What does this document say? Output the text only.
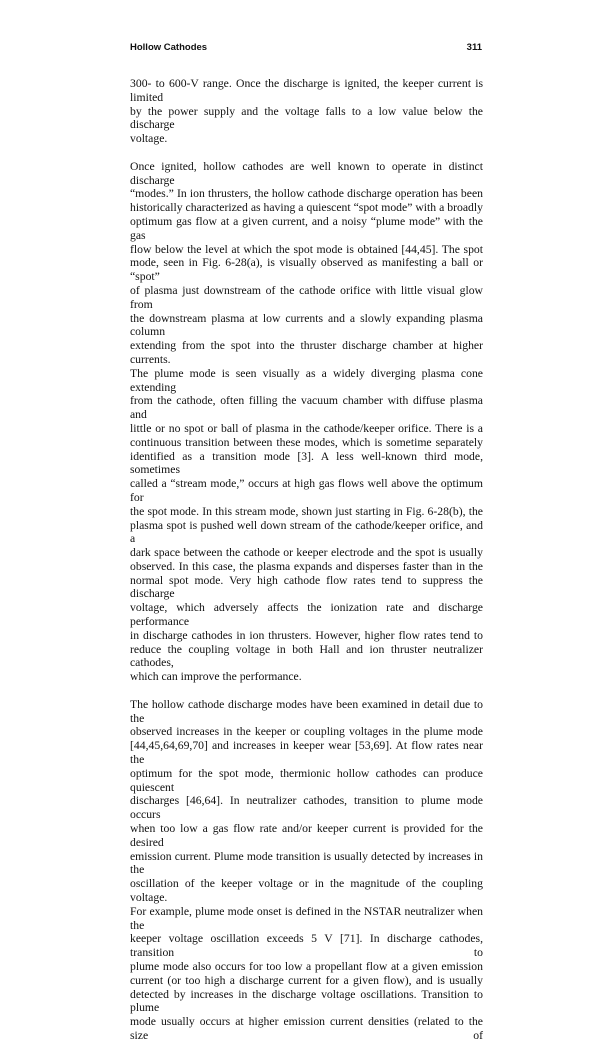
Hollow Cathodes	311
300- to 600-V range. Once the discharge is ignited, the keeper current is limited
by the power supply and the voltage falls to a low value below the discharge
voltage.
Once ignited, hollow cathodes are well known to operate in distinct discharge
“modes.” In ion thrusters, the hollow cathode discharge operation has been
historically characterized as having a quiescent “spot mode” with a broadly
optimum gas flow at a given current, and a noisy “plume mode” with the gas
flow below the level at which the spot mode is obtained [44,45]. The spot
mode, seen in Fig. 6-28(a), is visually observed as manifesting a ball or “spot”
of plasma just downstream of the cathode orifice with little visual glow from
the downstream plasma at low currents and a slowly expanding plasma column
extending from the spot into the thruster discharge chamber at higher currents.
The plume mode is seen visually as a widely diverging plasma cone extending
from the cathode, often filling the vacuum chamber with diffuse plasma and
little or no spot or ball of plasma in the cathode/keeper orifice. There is a
continuous transition between these modes, which is sometime separately
identified as a transition mode [3]. A less well-known third mode, sometimes
called a “stream mode,” occurs at high gas flows well above the optimum for
the spot mode. In this stream mode, shown just starting in Fig. 6-28(b), the
plasma spot is pushed well down stream of the cathode/keeper orifice, and a
dark space between the cathode or keeper electrode and the spot is usually
observed. In this case, the plasma expands and disperses faster than in the
normal spot mode. Very high cathode flow rates tend to suppress the discharge
voltage, which adversely affects the ionization rate and discharge performance
in discharge cathodes in ion thrusters. However, higher flow rates tend to
reduce the coupling voltage in both Hall and ion thruster neutralizer cathodes,
which can improve the performance.
The hollow cathode discharge modes have been examined in detail due to the
observed increases in the keeper or coupling voltages in the plume mode
[44,45,64,69,70] and increases in keeper wear [53,69]. At flow rates near the
optimum for the spot mode, thermionic hollow cathodes can produce quiescent
discharges [46,64]. In neutralizer cathodes, transition to plume mode occurs
when too low a gas flow rate and/or keeper current is provided for the desired
emission current. Plume mode transition is usually detected by increases in the
oscillation of the keeper voltage or in the magnitude of the coupling voltage.
For example, plume mode onset is defined in the NSTAR neutralizer when the
keeper voltage oscillation exceeds 5 V [71]. In discharge cathodes, transition to
plume mode also occurs for too low a propellant flow at a given emission
current (or too high a discharge current for a given flow), and is usually
detected by increases in the discharge voltage oscillations. Transition to plume
mode usually occurs at higher emission current densities (related to the size of
